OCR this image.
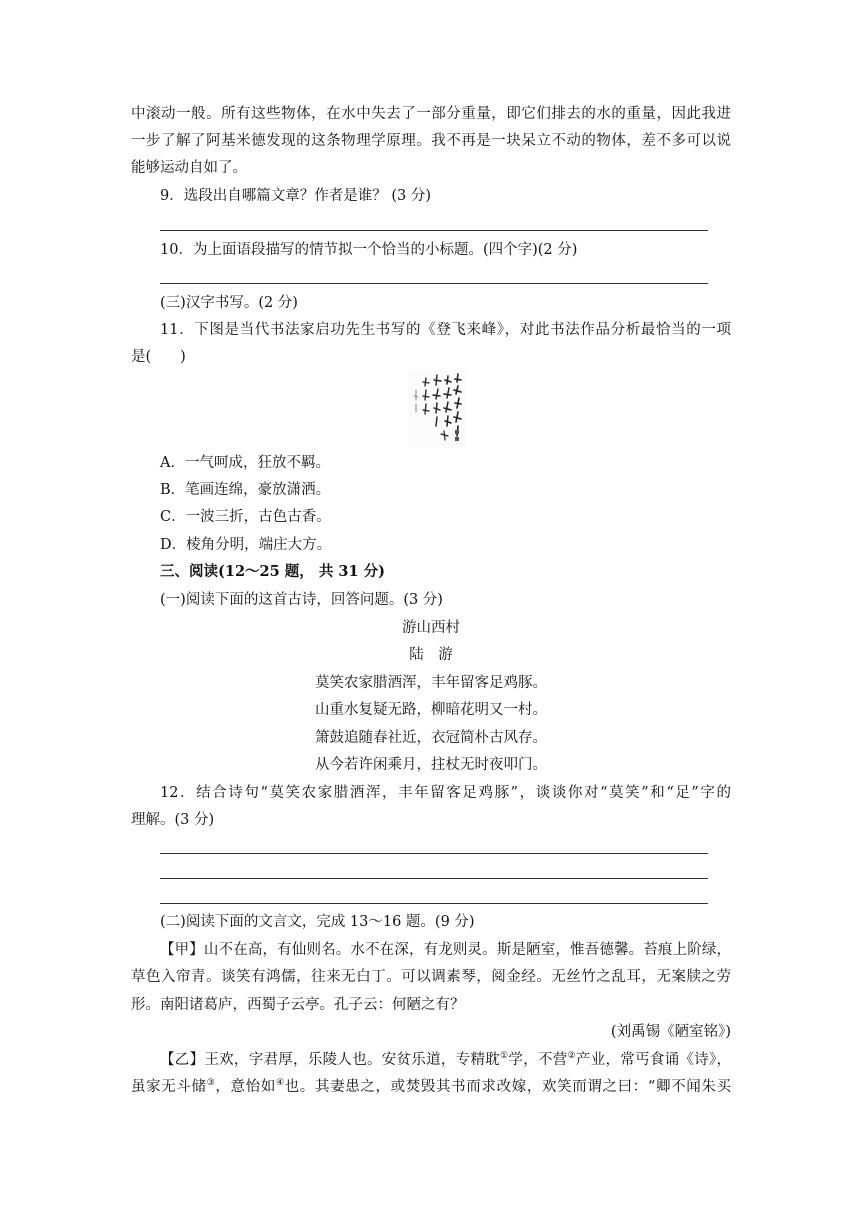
中滚动一般。所有这些物体，在水中失去了一部分重量，即它们排去的水的重量，因此我进
一步了解了阿基米德发现的这条物理学原理。我不再是一块呆立不动的物体，差不多可以说
能够运动自如了。
9．选段出自哪篇文章？作者是谁？ (3 分)
10．为上面语段描写的情节拟一个恰当的小标题。(四个字)(2 分)
(三)汉字书写。(2 分)
11．下图是当代书法家启功先生书写的《登飞来峰》，对此书法作品分析最恰当的一项
是(　　)
A．一气呵成，狂放不羁。
B．笔画连绵，豪放潇洒。
C．一波三折，古色古香。
D．棱角分明，端庄大方。
三、阅读(12～25 题， 共 31 分)
(一)阅读下面的这首古诗，回答问题。(3 分)
游山西村
陆　游
莫笑农家腊酒浑，丰年留客足鸡豚。
山重水复疑无路，柳暗花明又一村。
箫鼓追随春社近，衣冠简朴古风存。
从今若许闲乘月，拄杖无时夜叩门。
12．结合诗句“莫笑农家腊酒浑，丰年留客足鸡豚”，谈谈你对“莫笑”和“足”字的
理解。(3 分)
(二)阅读下面的文言文，完成 13～16 题。(9 分)
【甲】山不在高，有仙则名。水不在深，有龙则灵。斯是陋室，惟吾德馨。苔痕上阶绿，
草色入帘青。谈笑有鸿儒，往来无白丁。可以调素琴，阅金经。无丝竹之乱耳，无案牍之劳
形。南阳诸葛庐，西蜀子云亭。孔子云：何陋之有？
(刘禹锡《陋室铭》)
【乙】王欢，字君厚，乐陵人也。安贫乐道，专精耽①学，不营②产业，常丐食诵《诗》，
虽家无斗储③，意怡如④也。其妻患之，或焚毁其书而求改嫁，欢笑而谓之曰：“卿不闻朱买
